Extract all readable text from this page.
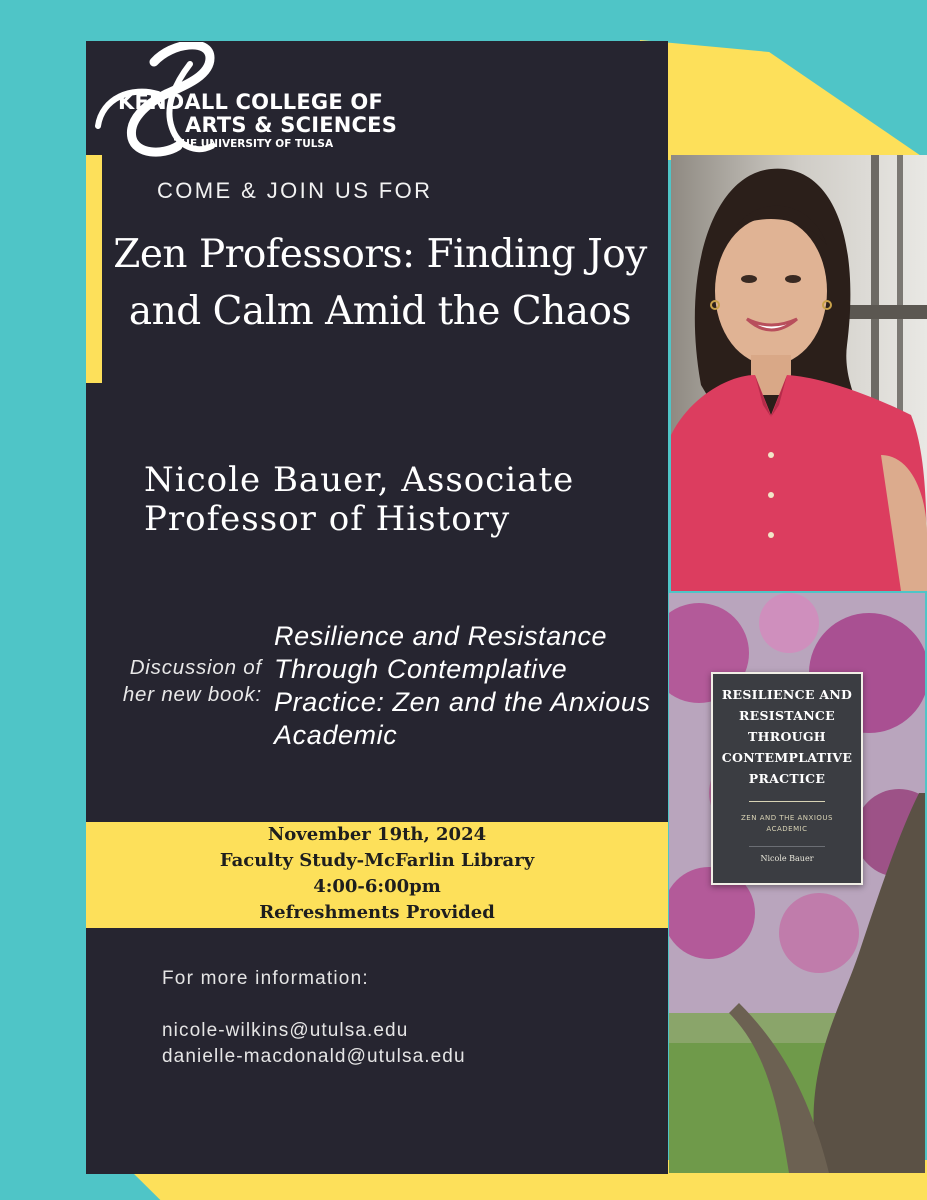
KENDALL COLLEGE OF
ARTS & SCIENCES
THE UNIVERSITY OF TULSA
COME & JOIN US FOR
Zen Professors: Finding Joy and Calm Amid the Chaos
Nicole Bauer, Associate Professor of History
Discussion of her new book:
Resilience and Resistance Through Contemplative Practice: Zen and the Anxious Academic
November 19th, 2024
Faculty Study-McFarlin Library
4:00-6:00pm
Refreshments Provided
For more information:
nicole-wilkins@utulsa.edu
danielle-macdonald@utulsa.edu
RESILIENCE AND RESISTANCE THROUGH CONTEMPLATIVE PRACTICE
ZEN AND THE ANXIOUS ACADEMIC
Nicole Bauer
